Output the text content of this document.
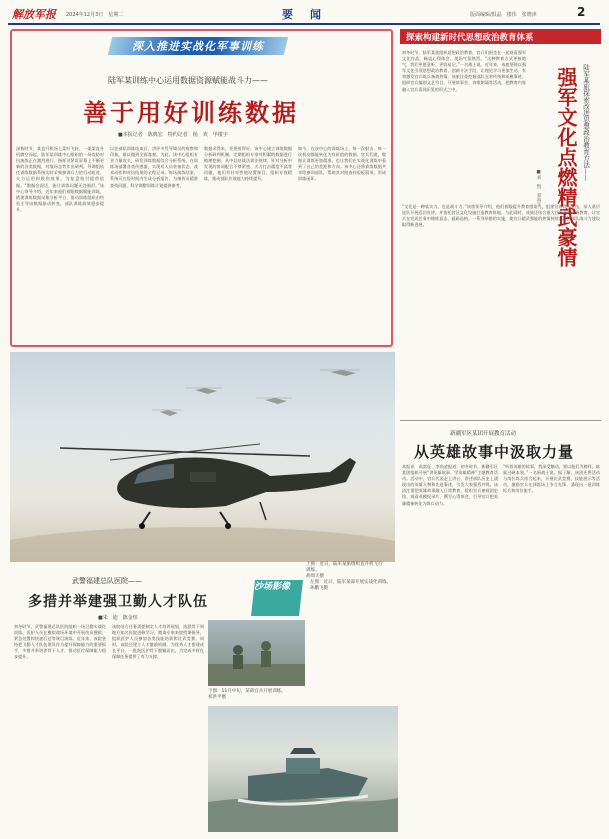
解放军报 2024年12月3日　星期二	要　闻	版面编辑/俱晶　楼伟　张晓津	2
深入推进实战化军事训练
陆军某训练中心运用数据资源赋能战斗力——
善于用好训练数据
■本报记者　陈典宏　特约记者　杨　欢　甲楼宇
深秋时节，某直升机场上桨叶飞转，一架架直升机腾空而起，陆军某训练中心组织的一场攻防对抗演练正在激烈进行。指挥员紧盯屏幕上不断更新的各类数据，对战场态势作出研判。导调组依托训练数据系统实时采集参训兵力的行动轨迹、火力运用和毁伤效果，为复盘检讨提供依据。“数据会说话，能让训练问题无处遁形。”该中心领导介绍，近年来他们着眼数据赋能训练，搭建训练数据采集分析平台，推动训练组织由经验主导向数据驱动转变，部队训练质效稳步提升。
以往部队训练结束后，讲评多凭导调员的观察和印象，难以做到全面客观。为此，该中心组织专业力量攻关，研发训练数据综合分析系统，在训练场部署各类传感器，实现对人员装备状态、战术动作和对抗结果的全程记录。每场演练结束，系统可在短时间内生成分析报告，为指挥员精准查找问题、科学调整训练计划提供参考。
数据采得来，更要用得好。该中心建立训练数据分析研判机制，定期组织专家对积累的数据进行梳理挖掘，从中总结战法训法规律。针对分析中发现的协同配合不够紧密、火力打击精度不高等问题，他们有针对性地设置课目，组织专攻精练，推动部队作战能力持续提升。
如今，在该中心的训练场上，每一次射击、每一次机动都能转化为有价值的数据。官兵们说，数据让训练更加精准，也让我们在实战化训练中看到了自己的差距和方向。该中心还将训练数据共享给参训部队，帮助其对照查找短板弱项，形成训练闭环。
探索构建新时代思想政治教育体系
初冬时节，陆军某旅组织思想政治教育，官兵们围坐在一起观看强军文化作品，畅谈心得体会，现场气氛热烈。“这种教育方式更接地气，我们更愿意听、更容易记。”一名战士说。近年来，该旅坚持以强军文化引领思想政治教育，创新方法手段，让理论学习更加生动，有效激发官兵练兵备战热情。该旅注重挖掘部队光荣传统和英模事迹，组织官兵编创文艺节目，开展故事会、诗歌朗诵等活动，把教育内容融入官兵喜闻乐见的形式之中。
■刘　凯　邓真宇 强军文化点燃精武豪情 陆军某旅探索改进思想政治教育方法——
“文化是一种软实力，也是战斗力。”该旅领导介绍，他们着眼提升教育感染力，组建宣讲骨干队伍，深入基层连队开展巡回宣讲，并依托营区文化设施打造教育阵地。与此同时，该旅还结合重大任务开展现场教育，让官兵在完成任务中锤炼意志、砥砺品格。一系列举措的实施，使官兵精武强能的热情持续高涨，部队战斗力建设取得新进展。
新疆军区某团开展教育活动
从英雄故事中汲取力量
本报讯　高富征、李尚凌报道：初冬时节，新疆军区某团组织开展“讲英雄故事、学英雄精神”主题教育活动。活动中，官兵代表走上讲台，讲述部队历史上涌现出的英雄人物和先进事迹，引发大家强烈共鸣。该团注重把英雄故事融入日常教育，组织官兵参观团史馆、观看英模纪录片、撰写心得体会，引导官兵把英雄精神转化为练兵动力。
“听着英雄的故事，我深受触动，要以他们为榜样，练就过硬本领。”一名新战士说。据了解，该团还将活动与岗位练兵结合起来，开展比武竞赛、技能展示等活动，激励官兵在训练场上争当先锋，涌现出一批训练标兵和岗位能手。
上图：近日，陆军某旅组织直升机飞行训练。
胡周天摄
武警福建总队医院——
多措并举建强卫勤人才队伍
■朱　迪　陈金烜
初冬时节，武警福建总队医院组织一场卫勤实战化训练，医护人员在模拟战场环境中开展伤员搜救、紧急处置和快速后送等课目演练。近年来，该院坚持把卫勤人才队伍建设作为提升保障能力的重要抓手，多措并举培养骨干人才，推动医疗保障能力稳步提升。
该院结合任务需要制定人才培养规划，选派骨干到地方知名医院进修学习，邀请专家来院授课指导，组织医护人员参加各类技能培训和比武竞赛。同时，该院还建立人才激励机制，为优秀人才搭建成长平台。一批批医护骨干脱颖而出，为完成多样化保障任务提供了有力支撑。
沙场影像
下图：11月中旬，某部官兵开展训练。
祁洪平摄
左图：近日，陆军某部开展实战化训练。
孙鹏飞摄
